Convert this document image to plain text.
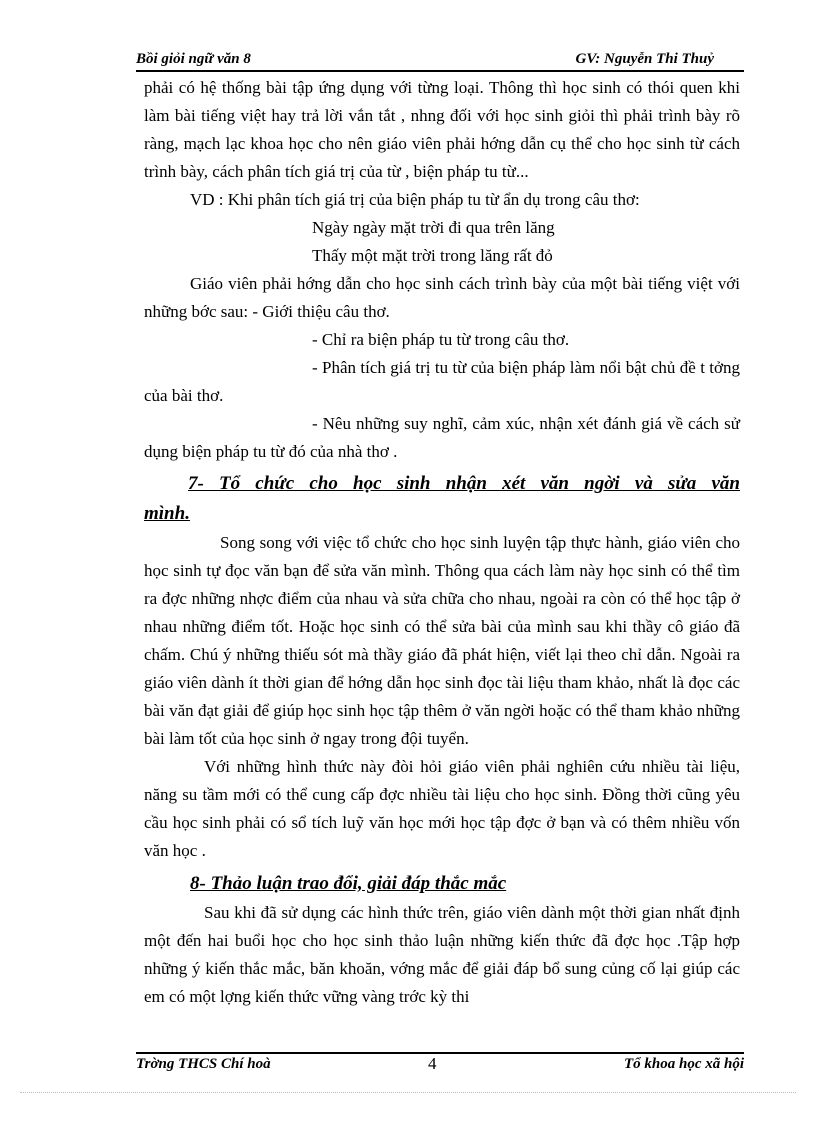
Bồi giỏi ngữ văn 8	GV: Nguyễn Thi Thuỷ

phải có hệ thống bài tập ứng dụng với từng loại. Thông thì học sinh có thói quen khi làm bài tiếng việt hay trả lời vắn tắt , nhng đối với học sinh giỏi thì phải trình bày rõ ràng, mạch lạc khoa học cho nên giáo viên phải hớng dẫn cụ thể cho học sinh từ cách trình bày, cách phân tích giá trị của từ , biện pháp tu từ...

VD : Khi phân tích giá trị của biện pháp tu từ ẩn dụ trong câu thơ:

Ngày ngày mặt trời đi qua trên lăng

Thấy một mặt trời trong lăng rất đỏ

Giáo viên phải hớng dẫn cho học sinh cách trình bày của một bài tiếng việt với những bớc sau: - Giới thiệu câu thơ.

- Chỉ ra biện pháp tu từ trong câu thơ.

- Phân tích giá trị tu từ của biện pháp làm nổi bật chủ đề t tởng của bài thơ.

- Nêu những suy nghĩ, cảm xúc, nhận xét đánh giá về cách sử dụng biện pháp tu từ đó của nhà thơ .

7- Tổ chức cho học sinh nhận xét văn ngời và sửa văn mình.

Song song với việc tổ chức cho học sinh luyện tập thực hành, giáo viên cho học sinh tự đọc văn bạn để sửa văn mình. Thông qua cách làm này học sinh có thể tìm ra đợc những nhợc điểm của nhau và sửa chữa cho nhau, ngoài ra còn có thể học tập ở nhau những điểm tốt. Hoặc học sinh có thể sửa bài của mình sau khi thầy cô giáo đã chấm. Chú ý những thiếu sót mà thầy giáo đã phát hiện, viết lại theo chỉ dẫn. Ngoài ra giáo viên dành ít thời gian để hớng dẫn học sinh đọc tài liệu tham khảo, nhất là đọc các bài văn đạt giải để giúp học sinh học tập thêm ở văn ngời hoặc có thể tham khảo những bài làm tốt của học sinh ở ngay trong đội tuyển.

Với những hình thức này đòi hỏi giáo viên phải nghiên cứu nhiều tài liệu, năng su tầm mới có thể cung cấp đợc nhiều tài liệu cho học sinh. Đồng thời cũng yêu cầu học sinh phải có sổ tích luỹ văn học mới học tập đợc ở bạn và có thêm nhiều vốn văn học .

8- Thảo luận trao đổi, giải đáp thắc mắc

Sau khi đã sử dụng các hình thức trên, giáo viên dành một thời gian nhất định một đến hai buổi học cho học sinh thảo luận những kiến thức đã đợc học .Tập hợp những ý kiến thắc mắc, băn khoăn, vớng mắc để giải đáp bổ sung củng cố lại giúp các em có một lợng kiến thức vững vàng trớc kỳ thi

Trờng THCS Chí hoà	4	Tổ khoa học xã hội
